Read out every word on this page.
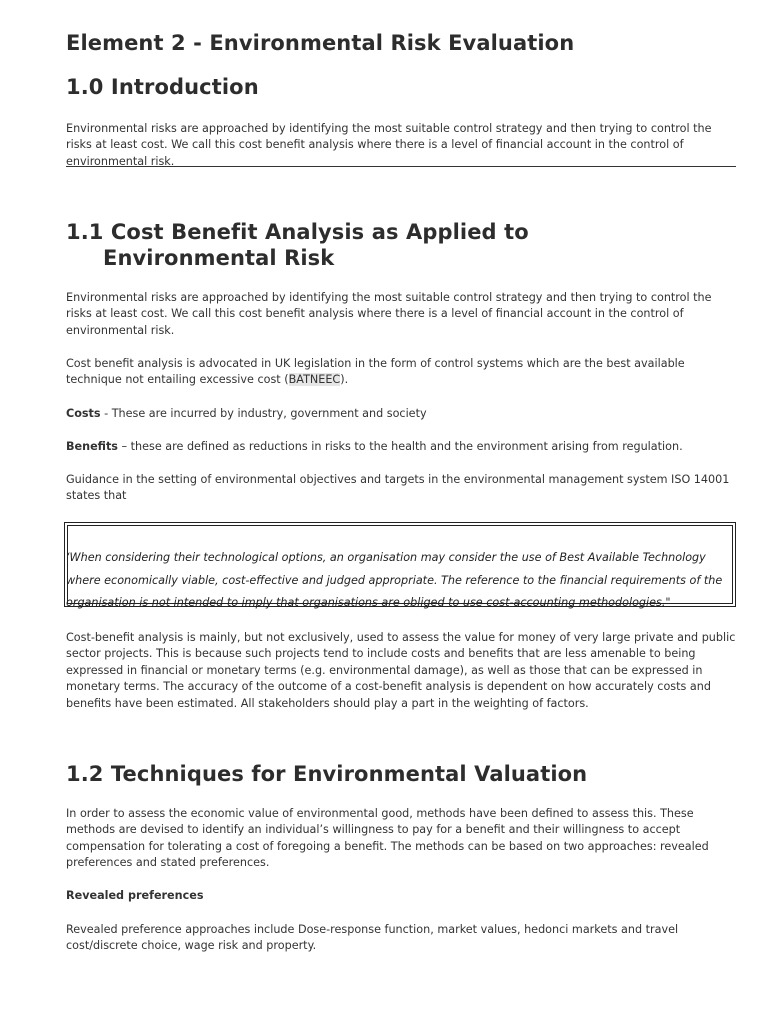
Element 2 - Environmental Risk Evaluation
1.0 Introduction

Environmental risks are approached by identifying the most suitable control strategy and then trying to control the risks at least cost. We call this cost benefit analysis where there is a level of financial account in the control of environmental risk.

1.1 Cost Benefit Analysis as Applied to
Environmental Risk

Environmental risks are approached by identifying the most suitable control strategy and then trying to control the risks at least cost. We call this cost benefit analysis where there is a level of financial account in the control of environmental risk.

Cost benefit analysis is advocated in UK legislation in the form of control systems which are the best available technique not entailing excessive cost (BATNEEC).

Costs - These are incurred by industry, government and society

Benefits – these are defined as reductions in risks to the health and the environment arising from regulation.

Guidance in the setting of environmental objectives and targets in the environmental management system ISO 14001 states that

‘When considering their technological options, an organisation may consider the use of Best Available Technology where economically viable, cost-effective and judged appropriate. The reference to the financial requirements of the organisation is not intended to imply that organisations are obliged to use cost-accounting methodologies."

Cost-benefit analysis is mainly, but not exclusively, used to assess the value for money of very large private and public sector projects. This is because such projects tend to include costs and benefits that are less amenable to being expressed in financial or monetary terms (e.g. environmental damage), as well as those that can be expressed in monetary terms. The accuracy of the outcome of a cost-benefit analysis is dependent on how accurately costs and benefits have been estimated. All stakeholders should play a part in the weighting of factors.

1.2 Techniques for Environmental Valuation

In order to assess the economic value of environmental good, methods have been defined to assess this. These methods are devised to identify an individual’s willingness to pay for a benefit and their willingness to accept compensation for tolerating a cost of foregoing a benefit. The methods can be based on two approaches: revealed preferences and stated preferences.

Revealed preferences

Revealed preference approaches include Dose-response function, market values, hedonci markets and travel cost/discrete choice, wage risk and property.
